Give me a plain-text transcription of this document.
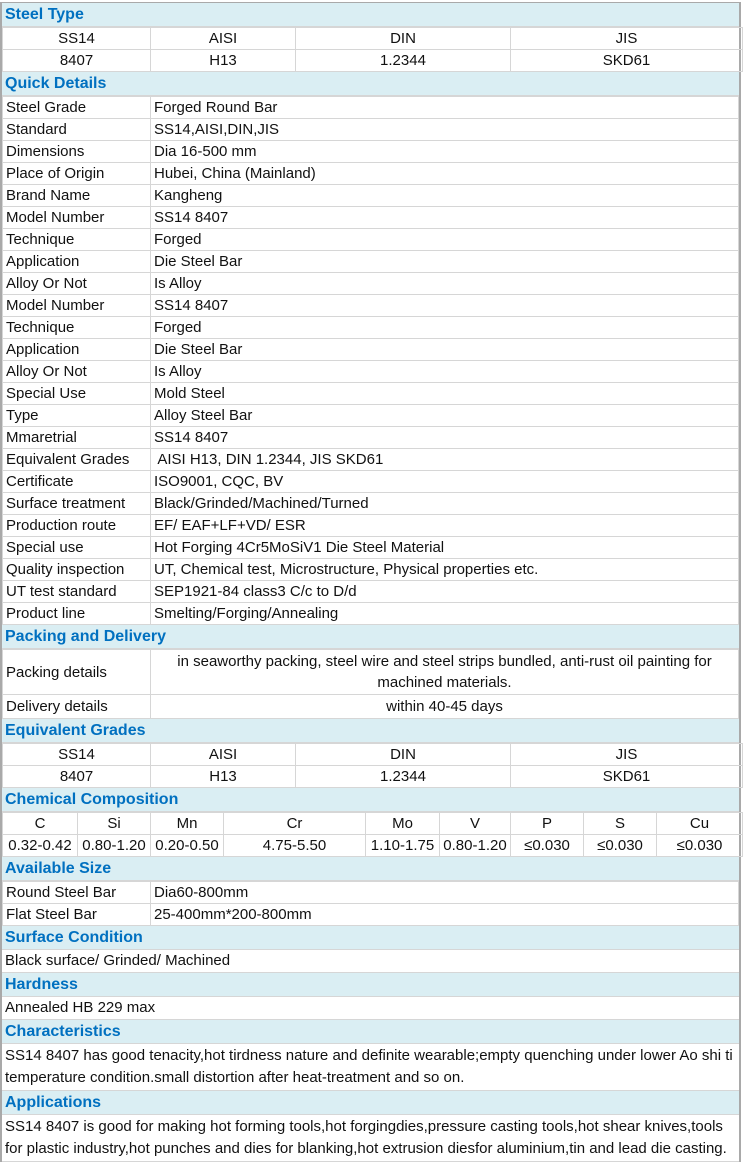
Steel Type
SS14	AISI	DIN	JIS
8407	H13	1.2344	SKD61
Quick Details
Steel Grade	Forged Round Bar
Standard	SS14,AISI,DIN,JIS
Dimensions	Dia 16-500 mm
Place of Origin	Hubei, China (Mainland)
Brand Name	Kangheng
Model Number	SS14 8407
Technique	Forged
Application	Die Steel Bar
Alloy Or Not	Is Alloy
Model Number	SS14 8407
Technique	Forged
Application	Die Steel Bar
Alloy Or Not	Is Alloy
Special Use	Mold Steel
Type	Alloy Steel Bar
Mmaretrial	SS14 8407
Equivalent Grades	AISI H13, DIN 1.2344, JIS SKD61
Certificate	ISO9001, CQC, BV
Surface treatment	Black/Grinded/Machined/Turned
Production route	EF/ EAF+LF+VD/ ESR
Special use	Hot Forging 4Cr5MoSiV1 Die Steel Material
Quality inspection	UT, Chemical test, Microstructure, Physical properties etc.
UT test standard	SEP1921-84 class3 C/c to D/d
Product line	Smelting/Forging/Annealing
Packing and Delivery
Packing details	in seaworthy packing, steel wire and steel strips bundled, anti-rust oil painting for machined materials.
Delivery details	within 40-45 days
Equivalent Grades
SS14	AISI	DIN	JIS
8407	H13	1.2344	SKD61
Chemical Composition
C	Si	Mn	Cr	Mo	V	P	S	Cu
0.32-0.42	0.80-1.20	0.20-0.50	4.75-5.50	1.10-1.75	0.80-1.20	≤0.030	≤0.030	≤0.030
Available Size
Round Steel Bar	Dia60-800mm
Flat Steel Bar	25-400mm*200-800mm
Surface Condition
Black surface/ Grinded/ Machined
Hardness
Annealed HB 229 max
Characteristics
SS14 8407 has good tenacity,hot tirdness nature and definite wearable;empty quenching under lower Ao shi ti temperature condition.small distortion after heat-treatment and so on.
Applications
SS14 8407 is good for making hot forming tools,hot forgingdies,pressure casting tools,hot shear knives,tools for plastic industry,hot punches and dies for blanking,hot extrusion diesfor aluminium,tin and lead die casting.
